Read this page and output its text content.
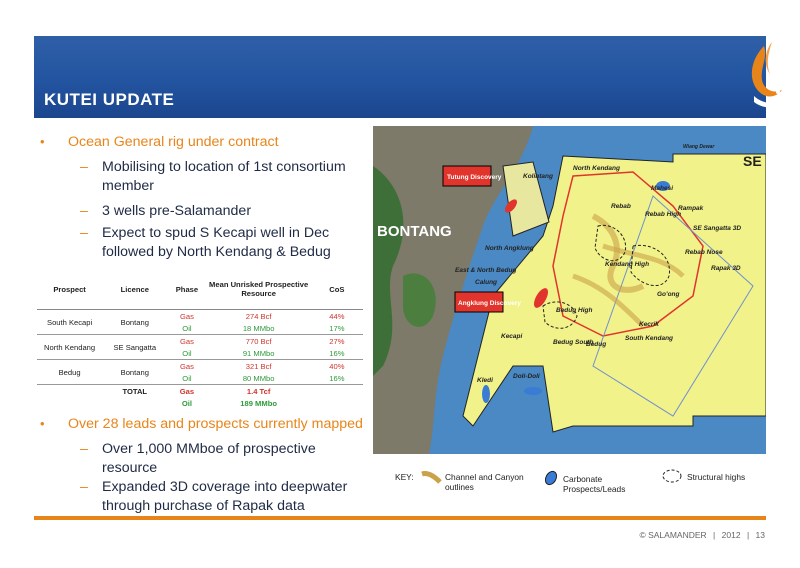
KUTEI UPDATE
• Ocean General rig under contract
– Mobilising to location of 1st consortium member
– 3 wells pre-Salamander
– Expect to spud S Kecapi well in Dec followed by North Kendang & Bedug
• Over 28 leads and prospects currently mapped
– Over 1,000 MMboe of prospective resource
– Expanded 3D coverage into deepwater through purchase of Rapak data
Prospect	Licence	Phase	Mean Unrisked Prospective Resource	CoS
South Kecapi	Bontang	Gas	274 Bcf	44%
		Oil	18 MMbo	17%
North Kendang	SE Sangatta	Gas	770 Bcf	27%
		Oil	91 MMbo	16%
Bedug	Bontang	Gas	321 Bcf	40%
		Oil	80 MMbo	16%
	TOTAL	Gas	1.4 Tcf	
		Oil	189 MMbo	
SE
BONTANG
North Kendang
Wiang Dewar
Mahesi
Kolintang
Rebab
Rebab High
Rampak
SE Sangatta 3D
North Angklung
East & North Bedug
Calung
Kendang High
Rebab Nose
Rapak 3D
Go'ong
Bedug High
Kecrik
Kecapi
Bedug South
Bedug
South Kendang
Kledi
Doli-Doli
Tutung Discovery
Angklung Discovery
KEY:	Channel and Canyon outlines
Carbonate Prospects/Leads
Structural highs
© SALAMANDER | 2012 | 13
